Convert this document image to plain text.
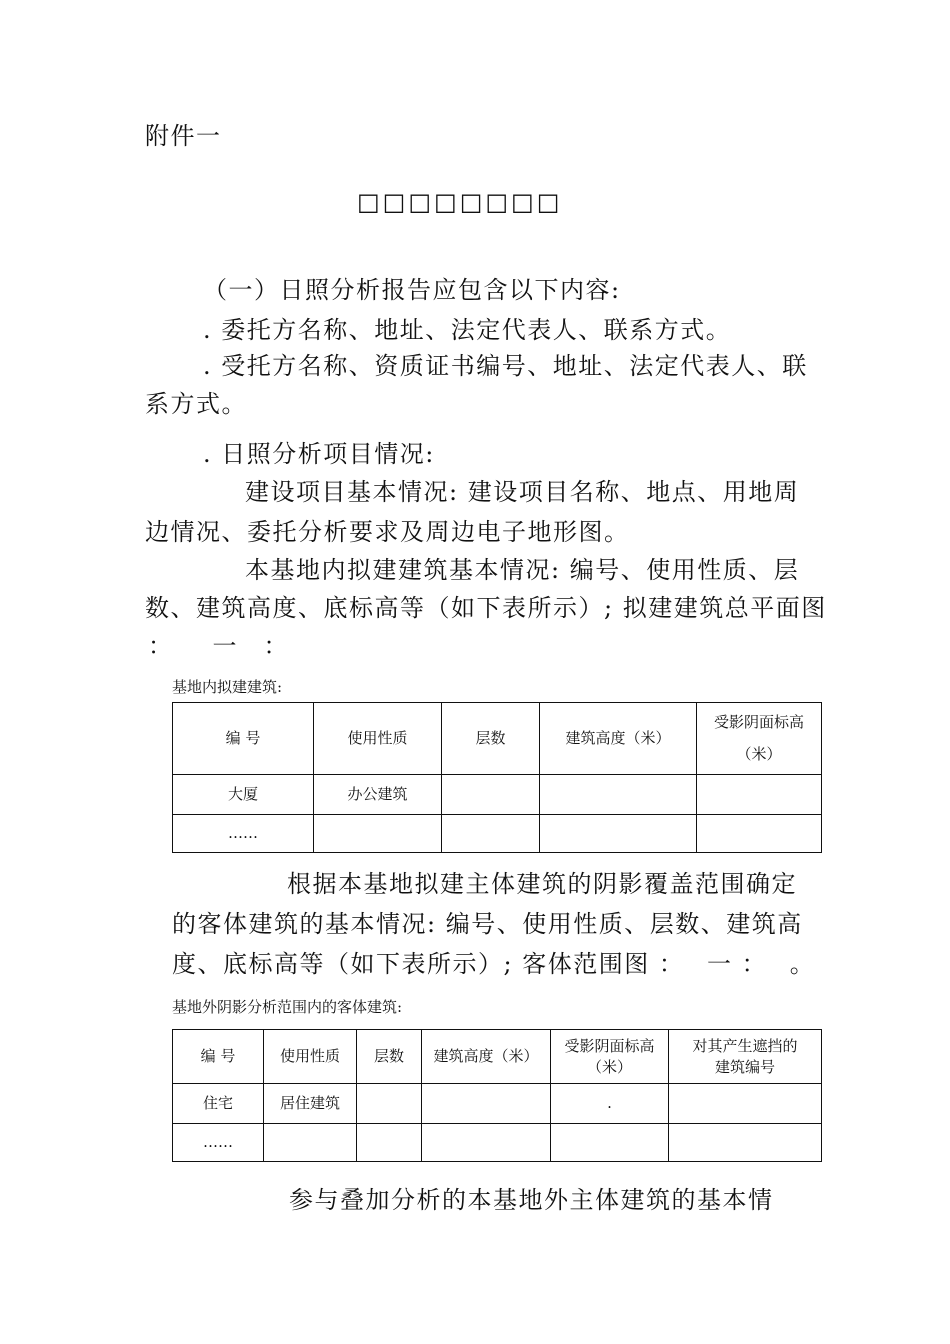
附件一
□□□□□□□□
（一）日照分析报告应包含以下内容:
. 委托方名称、地址、法定代表人、联系方式。
. 受托方名称、资质证书编号、地址、法定代表人、联
系方式。
. 日照分析项目情况:
建设项目基本情况: 建设项目名称、地点、用地周
边情况、委托分析要求及周边电子地形图。
本基地内拟建建筑基本情况: 编号、使用性质、层
数、建筑高度、底标高等（如下表所示）; 拟建建筑总平面图
：　　一　：
基地内拟建建筑:
编 号	使用性质	层数	建筑高度（米）	受影阴面标高
（米）
大厦	办公建筑			
……				
根据本基地拟建主体建筑的阴影覆盖范围确定
的客体建筑的基本情况: 编号、使用性质、层数、建筑高
度、底标高等（如下表所示）; 客体范围图 ：　 一 ：　 。
基地外阴影分析范围内的客体建筑:
编 号	使用性质	层数	建筑高度（米）	受影阴面标高
（米）	对其产生遮挡的
建筑编号
住宅	居住建筑			.	
……					
参与叠加分析的本基地外主体建筑的基本情
